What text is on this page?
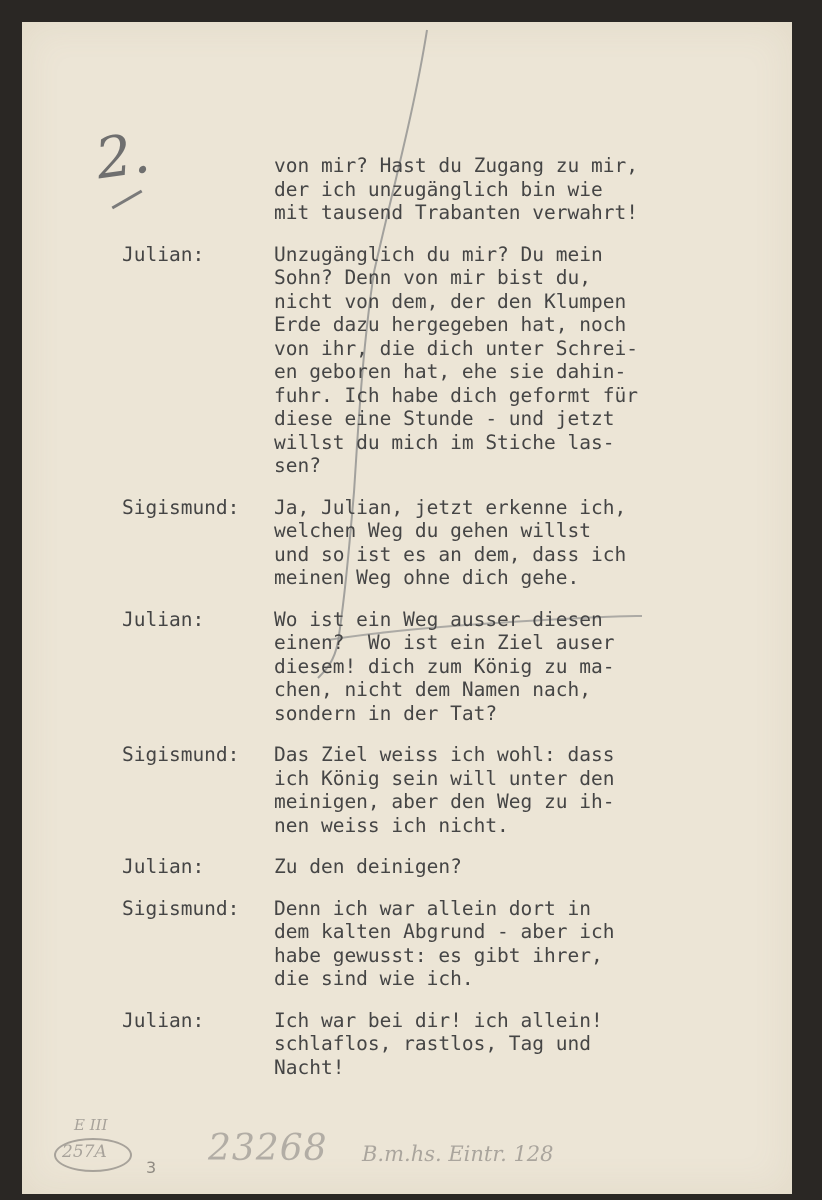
2.	von mir? Hast du Zugang zu mir,
der ich unzugänglich bin wie
mit tausend Trabanten verwahrt!
Julian:	Unzugänglich du mir? Du mein
Sohn? Denn von mir bist du,
nicht von dem, der den Klumpen
Erde dazu hergegeben hat, noch
von ihr, die dich unter Schrei-
en geboren hat, ehe sie dahin-
fuhr. Ich habe dich geformt für
diese eine Stunde - und jetzt
willst du mich im Stiche las-
sen?
Sigismund:	Ja, Julian, jetzt erkenne ich,
welchen Weg du gehen willst
und so ist es an dem, dass ich
meinen Weg ohne dich gehe.
Julian:	Wo ist ein Weg ausser diesen
einen?  Wo ist ein Ziel auser
diesem! dich zum König zu ma-
chen, nicht dem Namen nach,
sondern in der Tat?
Sigismund:	Das Ziel weiss ich wohl: dass
ich König sein will unter den
meinigen, aber den Weg zu ih-
nen weiss ich nicht.
Julian:	Zu den deinigen?
Sigismund:	Denn ich war allein dort in
dem kalten Abgrund - aber ich
habe gewusst: es gibt ihrer,
die sind wie ich.
Julian:	Ich war bei dir! ich allein!
schlaflos, rastlos, Tag und
Nacht!
E III
257A
3 23268 B.m.hs. Eintr. 128
